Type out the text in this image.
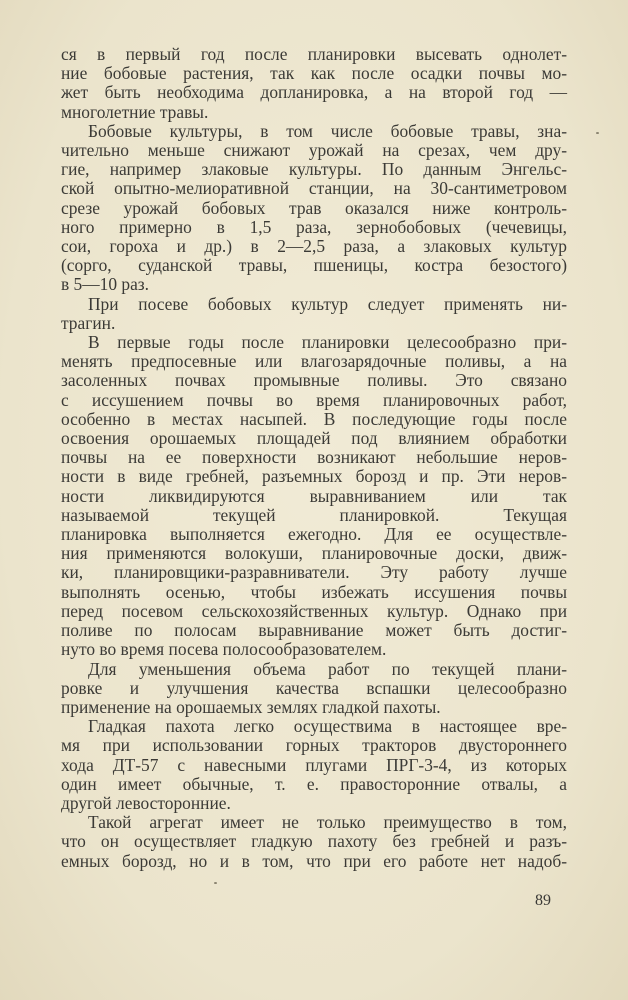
ся в первый год после планировки высевать однолет-
ние бобовые растения, так как после осадки почвы мо-
жет быть необходима допланировка, а на второй год —
многолетние травы.

Бобовые культуры, в том числе бобовые травы, зна-
чительно меньше снижают урожай на срезах, чем дру-
гие, например злаковые культуры. По данным Энгельс-
ской опытно-мелиоративной станции, на 30-сантиметровом
срезе урожай бобовых трав оказался ниже контроль-
ного примерно в 1,5 раза, зернобобовых (чечевицы,
сои, гороха и др.) в 2—2,5 раза, а злаковых культур
(сорго, суданской травы, пшеницы, костра безостого)
в 5—10 раз.

При посеве бобовых культур следует применять ни-
трагин.

В первые годы после планировки целесообразно при-
менять предпосевные или влагозарядочные поливы, а на
засоленных почвах промывные поливы. Это связано
с иссушением почвы во время планировочных работ,
особенно в местах насыпей. В последующие годы после
освоения орошаемых площадей под влиянием обработки
почвы на ее поверхности возникают небольшие неров-
ности в виде гребней, разъемных борозд и пр. Эти неров-
ности ликвидируются выравниванием или так
называемой текущей планировкой. Текущая
планировка выполняется ежегодно. Для ее осуществле-
ния применяются волокуши, планировочные доски, движ-
ки, планировщики-разравниватели. Эту работу лучше
выполнять осенью, чтобы избежать иссушения почвы
перед посевом сельскохозяйственных культур. Однако при
поливе по полосам выравнивание может быть достиг-
нуто во время посева полосообразователем.

Для уменьшения объема работ по текущей плани-
ровке и улучшения качества вспашки целесообразно
применение на орошаемых землях гладкой пахоты.

Гладкая пахота легко осуществима в настоящее вре-
мя при использовании горных тракторов двустороннего
хода ДТ-57 с навесными плугами ПРГ-3-4, из которых
один имеет обычные, т. е. правосторонние отвалы, а
другой левосторонние.

Такой агрегат имеет не только преимущество в том,
что он осуществляет гладкую пахоту без гребней и разъ-
емных борозд, но и в том, что при его работе нет надоб-

89
